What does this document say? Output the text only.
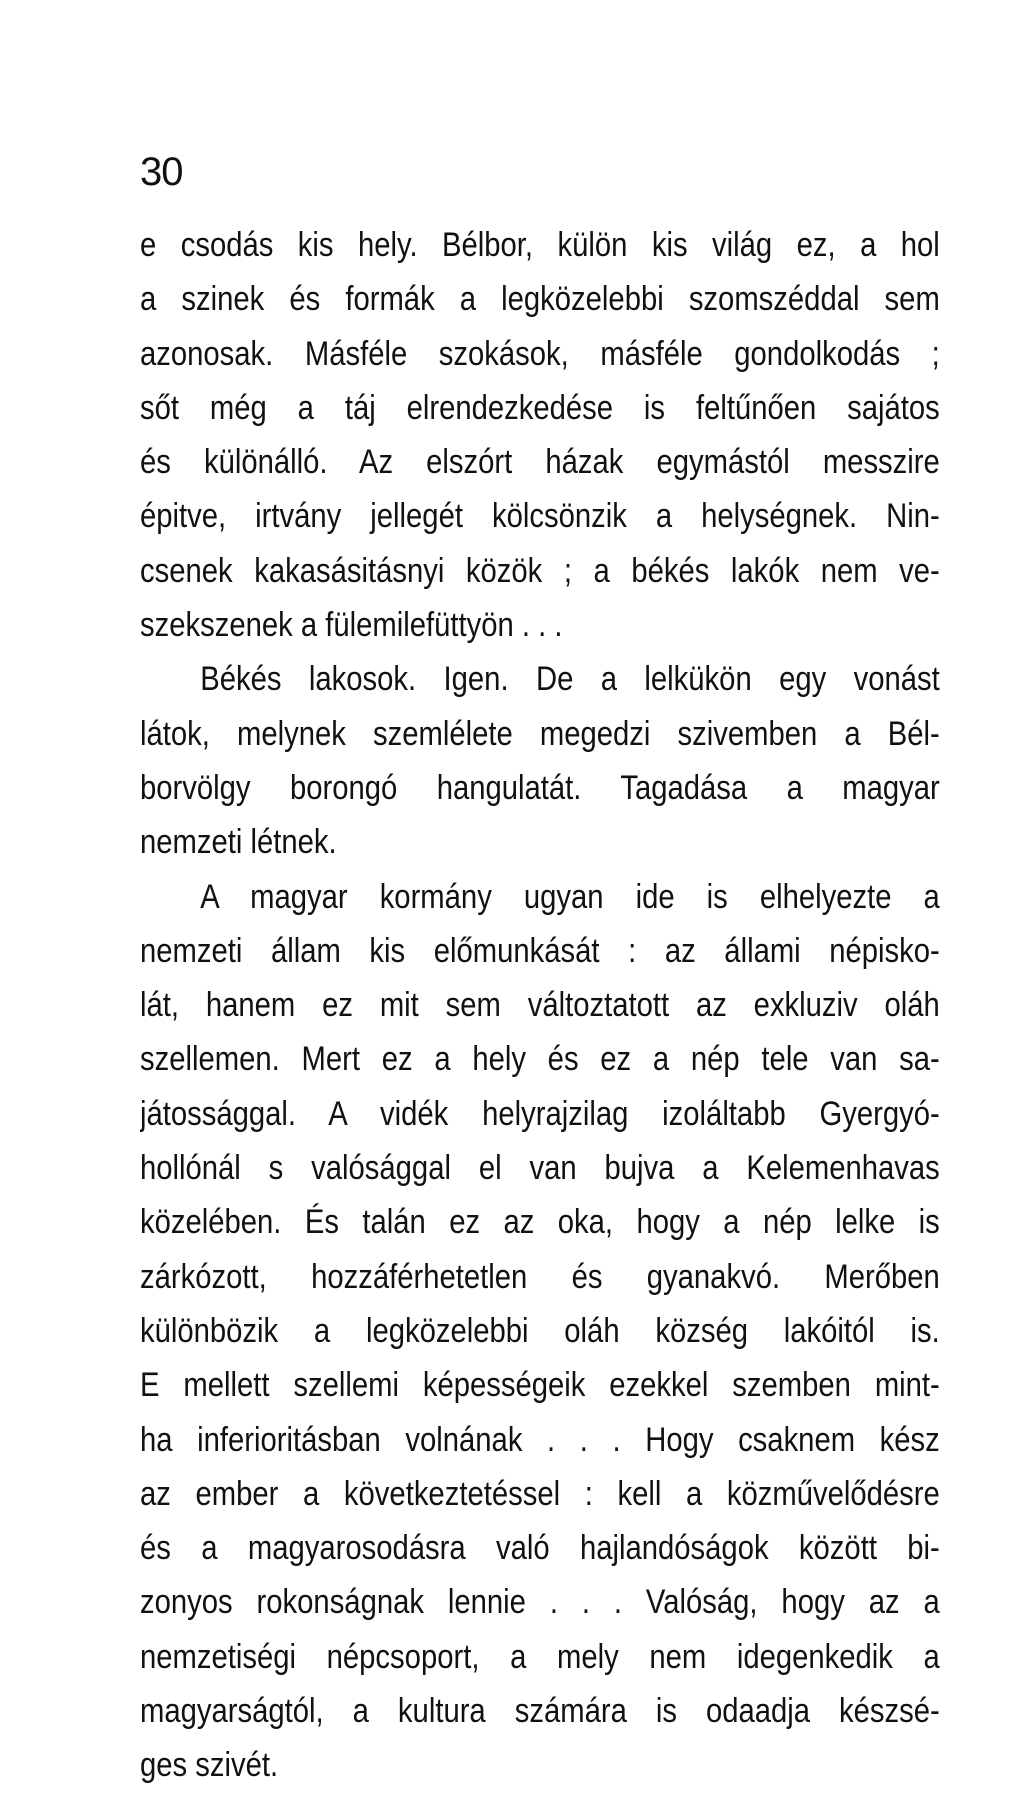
30
e csodás kis hely. Bélbor, külön kis világ ez, a hol
a szinek és formák a legközelebbi szomszéddal sem
azonosak. Másféle szokások, másféle gondolkodás ;
sőt még a táj elrendezkedése is feltűnően sajátos
és különálló. Az elszórt házak egymástól messzire
épitve, irtvány jellegét kölcsönzik a helységnek. Nin-
csenek kakasásitásnyi közök ; a békés lakók nem ve-
szekszenek a fülemilefüttyön . . .
Békés lakosok. Igen. De a lelkükön egy vonást
látok, melynek szemlélete megedzi szivemben a Bél-
borvölgy borongó hangulatát. Tagadása a magyar
nemzeti létnek.
A magyar kormány ugyan ide is elhelyezte a
nemzeti állam kis előmunkását : az állami népisko-
lát, hanem ez mit sem változtatott az exkluziv oláh
szellemen. Mert ez a hely és ez a nép tele van sa-
játossággal. A vidék helyrajzilag izoláltabb Gyergyó-
hollónál s valósággal el van bujva a Kelemenhavas
közelében. És talán ez az oka, hogy a nép lelke is
zárkózott, hozzáférhetetlen és gyanakvó. Merőben
különbözik a legközelebbi oláh község lakóitól is.
E mellett szellemi képességeik ezekkel szemben mint-
ha inferioritásban volnának . . . Hogy csaknem kész
az ember a következtetéssel : kell a közművelődésre
és a magyarosodásra való hajlandóságok között bi-
zonyos rokonságnak lennie . . . Valóság, hogy az a
nemzetiségi népcsoport, a mely nem idegenkedik a
magyarságtól, a kultura számára is odaadja készsé-
ges szivét.
